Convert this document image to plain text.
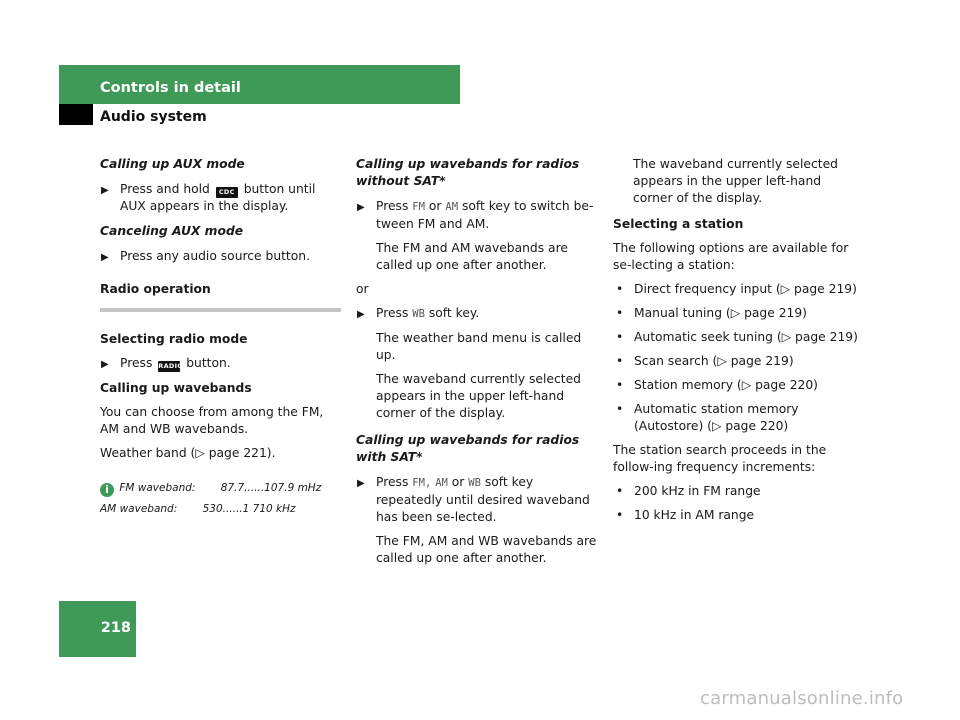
Controls in detail
Audio system

Calling up AUX mode

▶ Press and hold CDC button until AUX appears in the display.

Canceling AUX mode

▶ Press any audio source button.

Radio operation

Selecting radio mode

▶ Press RADIO button.

Calling up wavebands

You can choose from among the FM, AM and WB wavebands.

Weather band (▷ page 221).

i FM waveband: 87.7......107.9 mHz
AM waveband: 530......1 710 kHz

Calling up wavebands for radios without SAT*

▶ Press FM or AM soft key to switch be-tween FM and AM.

The FM and AM wavebands are called up one after another.

or

▶ Press WB soft key.

The weather band menu is called up.

The waveband currently selected appears in the upper left-hand corner of the display.

Calling up wavebands for radios with SAT*

▶ Press FM, AM or WB soft key repeatedly until desired waveband has been se-lected.

The FM, AM and WB wavebands are called up one after another.

The waveband currently selected appears in the upper left-hand corner of the display.

Selecting a station

The following options are available for se-lecting a station:

• Direct frequency input (▷ page 219)

• Manual tuning (▷ page 219)

• Automatic seek tuning (▷ page 219)

• Scan search (▷ page 219)

• Station memory (▷ page 220)

• Automatic station memory (Autostore) (▷ page 220)

The station search proceeds in the follow-ing frequency increments:

• 200 kHz in FM range

• 10 kHz in AM range

218
carmanualsonline.info
